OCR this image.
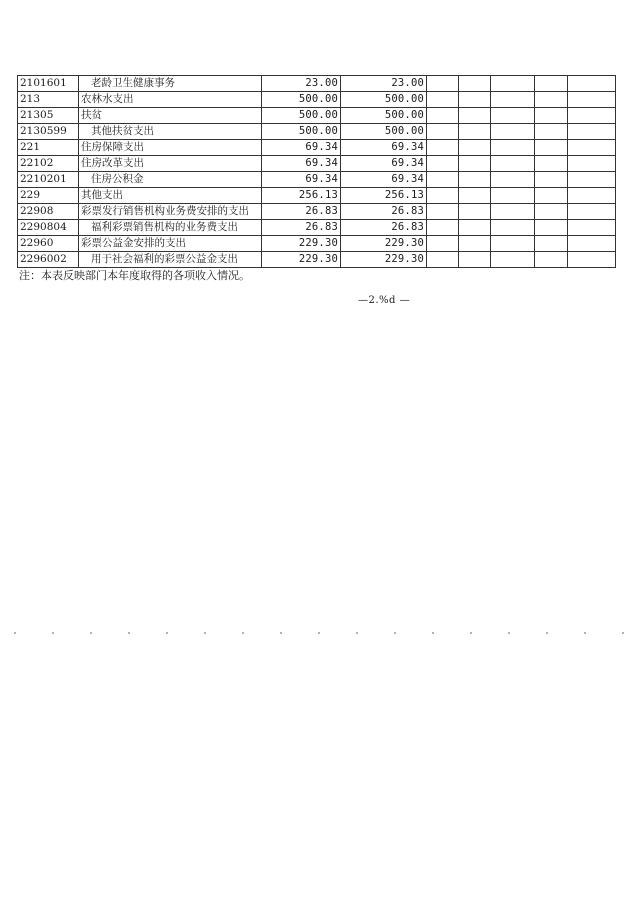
2101601	老龄卫生健康事务	23.00	23.00					
213	农林水支出	500.00	500.00					
21305	扶贫	500.00	500.00					
2130599	其他扶贫支出	500.00	500.00					
221	住房保障支出	69.34	69.34					
22102	住房改革支出	69.34	69.34					
2210201	住房公积金	69.34	69.34					
229	其他支出	256.13	256.13					
22908	彩票发行销售机构业务费安排的支出	26.83	26.83					
2290804	福利彩票销售机构的业务费支出	26.83	26.83					
22960	彩票公益金安排的支出	229.30	229.30					
2296002	用于社会福利的彩票公益金支出	229.30	229.30					
注：本表反映部门本年度取得的各项收入情况。
—2.%d —
